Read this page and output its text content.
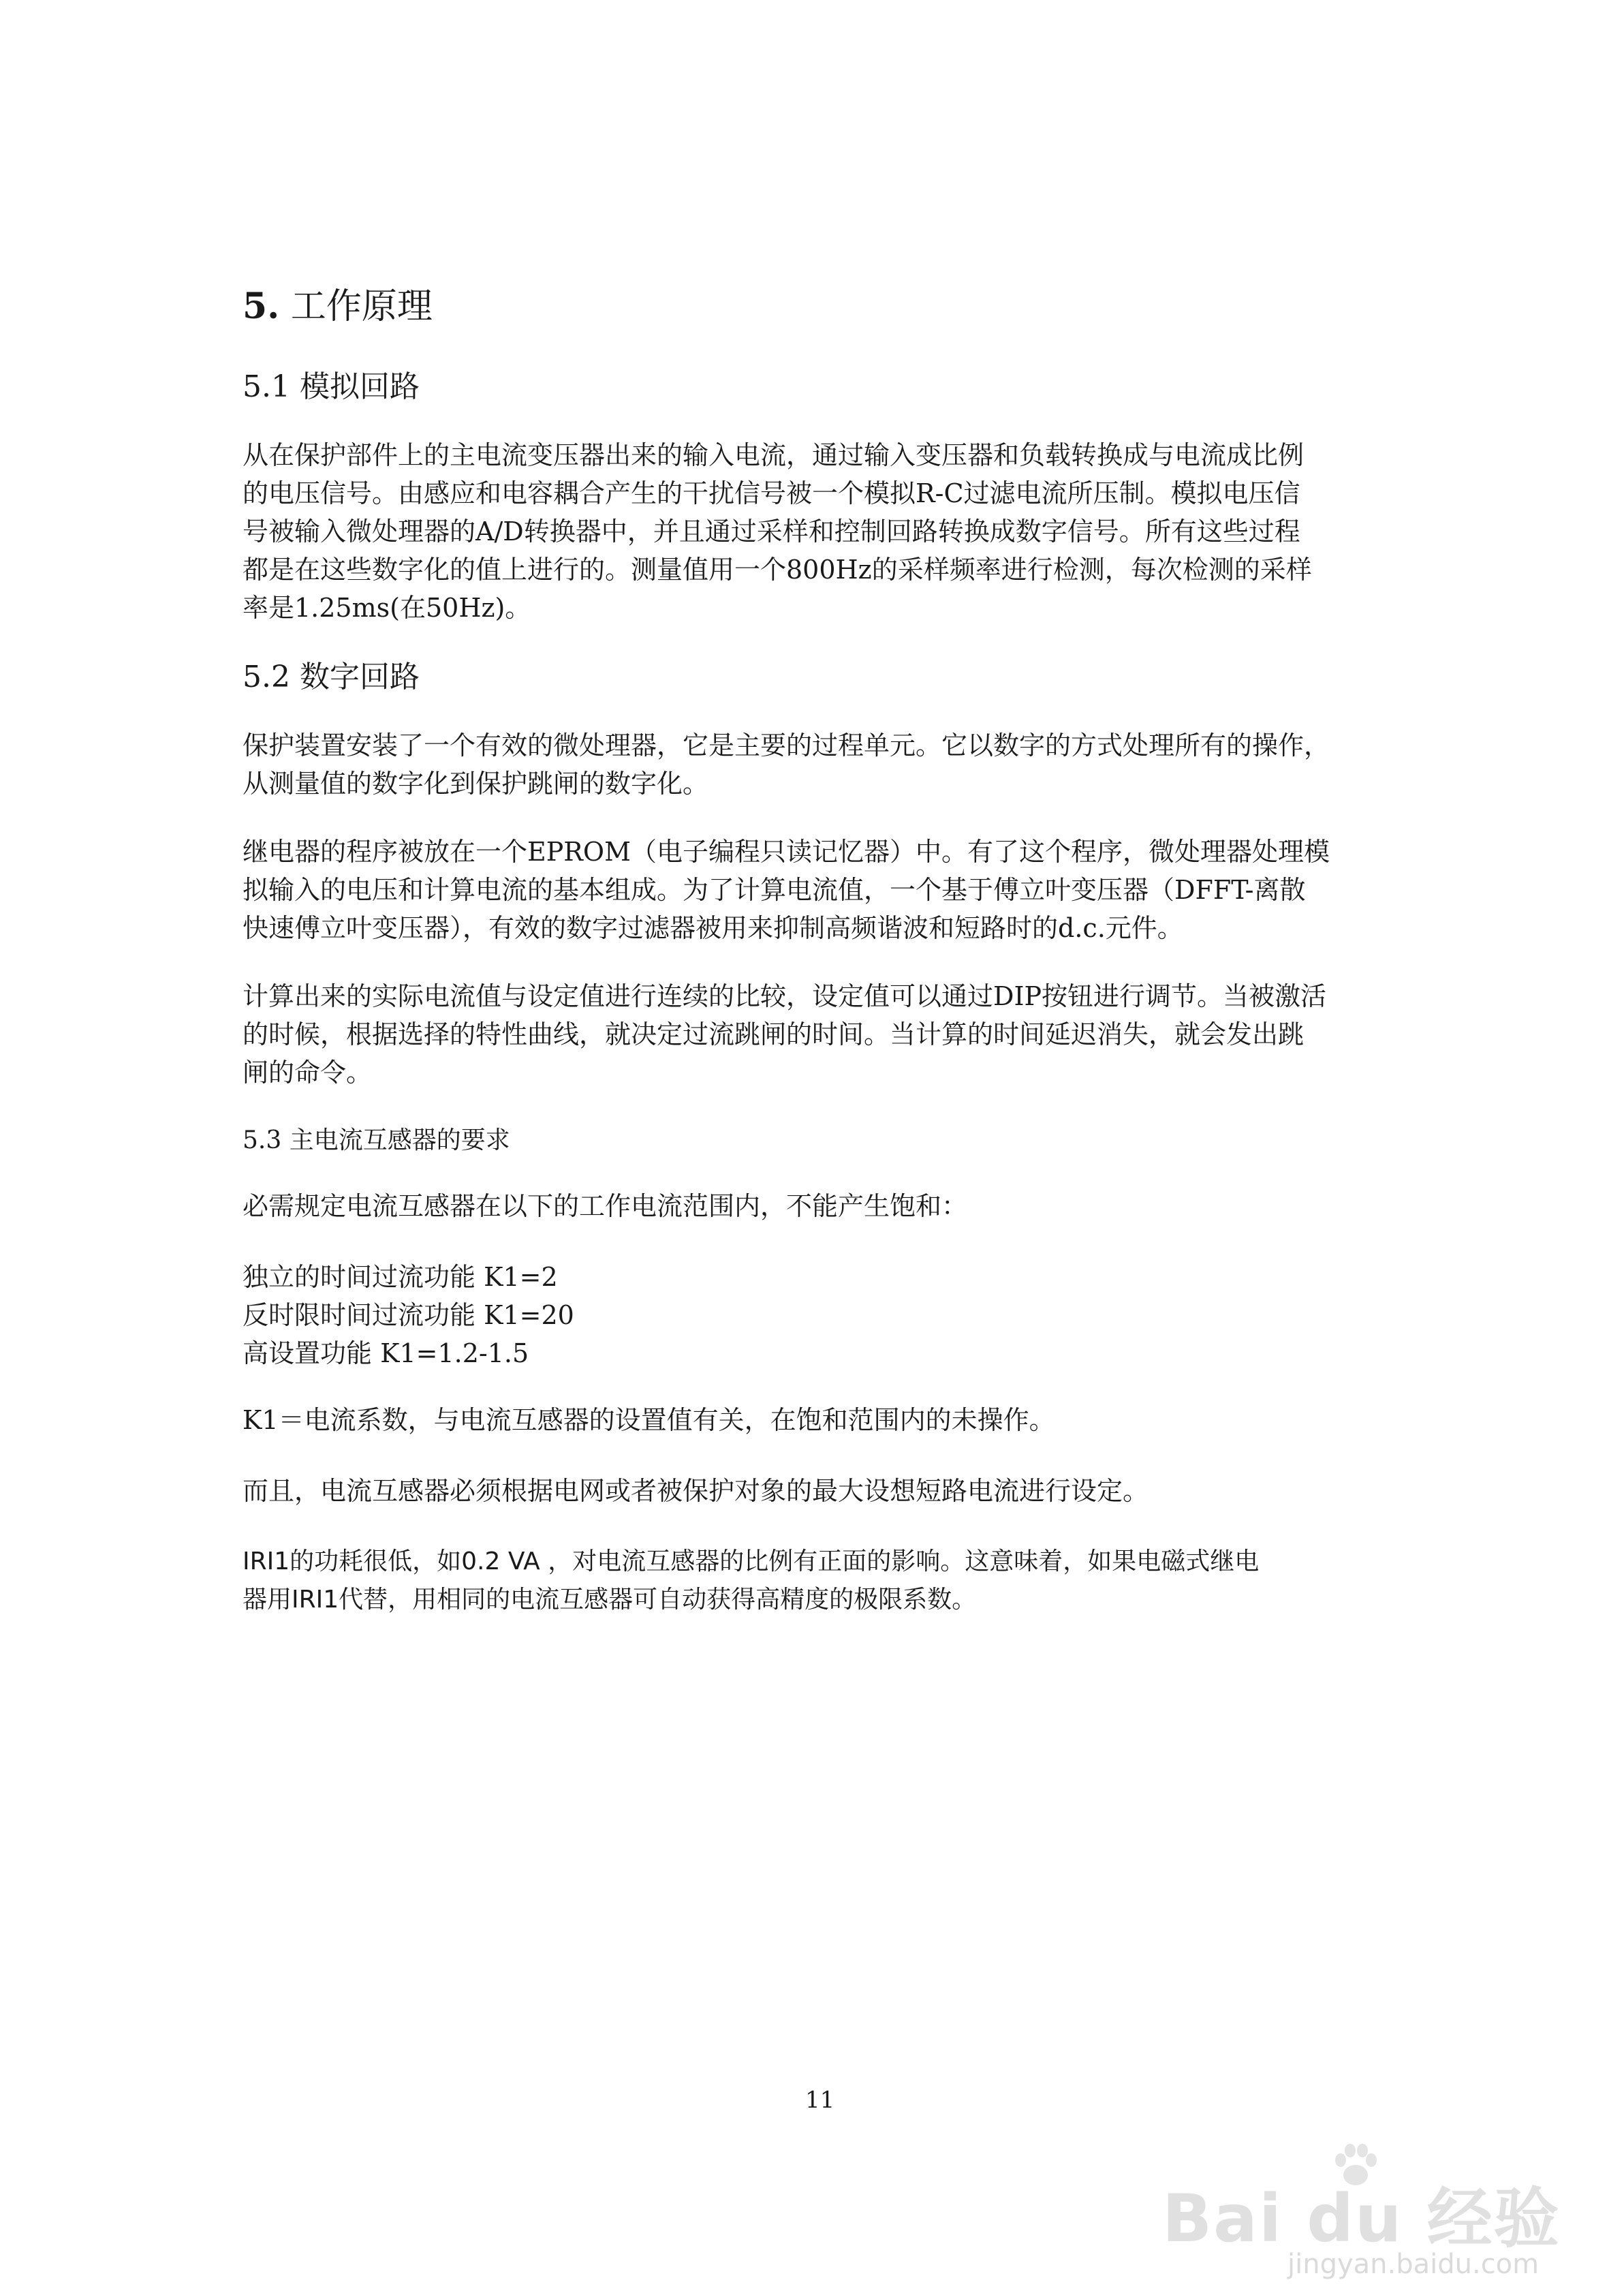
5. 工作原理
5.1 模拟回路

从在保护部件上的主电流变压器出来的输入电流，通过输入变压器和负载转换成与电流成比例
的电压信号。由感应和电容耦合产生的干扰信号被一个模拟R-C过滤电流所压制。模拟电压信
号被输入微处理器的A/D转换器中，并且通过采样和控制回路转换成数字信号。所有这些过程
都是在这些数字化的值上进行的。测量值用一个800Hz的采样频率进行检测，每次检测的采样
率是1.25ms(在50Hz)。

5.2 数字回路

保护装置安装了一个有效的微处理器，它是主要的过程单元。它以数字的方式处理所有的操作，
从测量值的数字化到保护跳闸的数字化。

继电器的程序被放在一个EPROM（电子编程只读记忆器）中。有了这个程序，微处理器处理模
拟输入的电压和计算电流的基本组成。为了计算电流值，一个基于傅立叶变压器（DFFT-离散
快速傅立叶变压器），有效的数字过滤器被用来抑制高频谐波和短路时的d.c.元件。

计算出来的实际电流值与设定值进行连续的比较，设定值可以通过DIP按钮进行调节。当被激活
的时候，根据选择的特性曲线，就决定过流跳闸的时间。当计算的时间延迟消失，就会发出跳
闸的命令。

5.3 主电流互感器的要求

必需规定电流互感器在以下的工作电流范围内，不能产生饱和：

独立的时间过流功能 K1=2
反时限时间过流功能 K1=20
高设置功能 K1=1.2-1.5

K1＝电流系数，与电流互感器的设置值有关，在饱和范围内的未操作。

而且，电流互感器必须根据电网或者被保护对象的最大设想短路电流进行设定。

IRI1的功耗很低，如0.2 VA ，对电流互感器的比例有正面的影响。这意味着，如果电磁式继电
器用IRI1代替，用相同的电流互感器可自动获得高精度的极限系数。

11
Bai du 经验
jingyan.baidu.com
